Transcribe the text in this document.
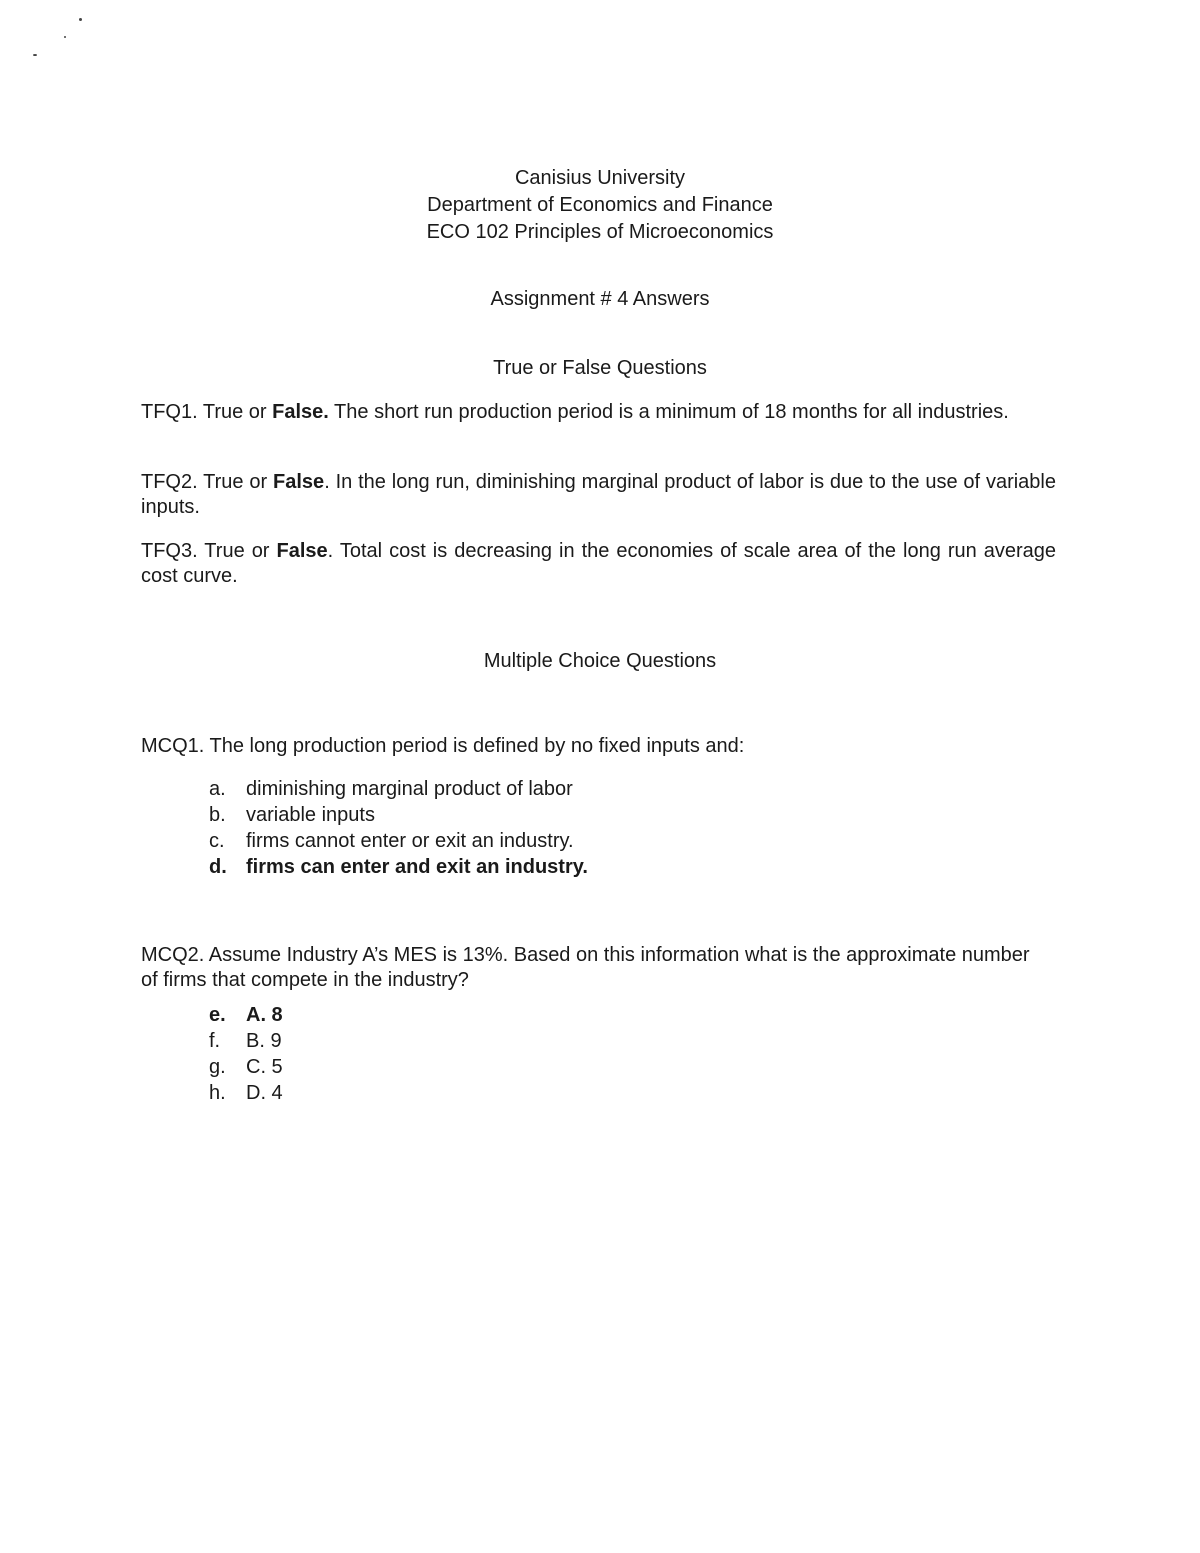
Canisius University
Department of Economics and Finance
ECO 102 Principles of Microeconomics
Assignment # 4 Answers
True or False Questions
TFQ1. True or False. The short run production period is a minimum of 18 months for all industries.
TFQ2. True or False. In the long run, diminishing marginal product of labor is due to the use of variable inputs.
TFQ3. True or False. Total cost is decreasing in the economies of scale area of the long run average cost curve.
Multiple Choice Questions
MCQ1. The long production period is defined by no fixed inputs and:
a. diminishing marginal product of labor
b. variable inputs
c. firms cannot enter or exit an industry.
d. firms can enter and exit an industry.
MCQ2. Assume Industry A’s MES is 13%. Based on this information what is the approximate number of firms that compete in the industry?
e. A. 8
f. B. 9
g. C. 5
h. D. 4
